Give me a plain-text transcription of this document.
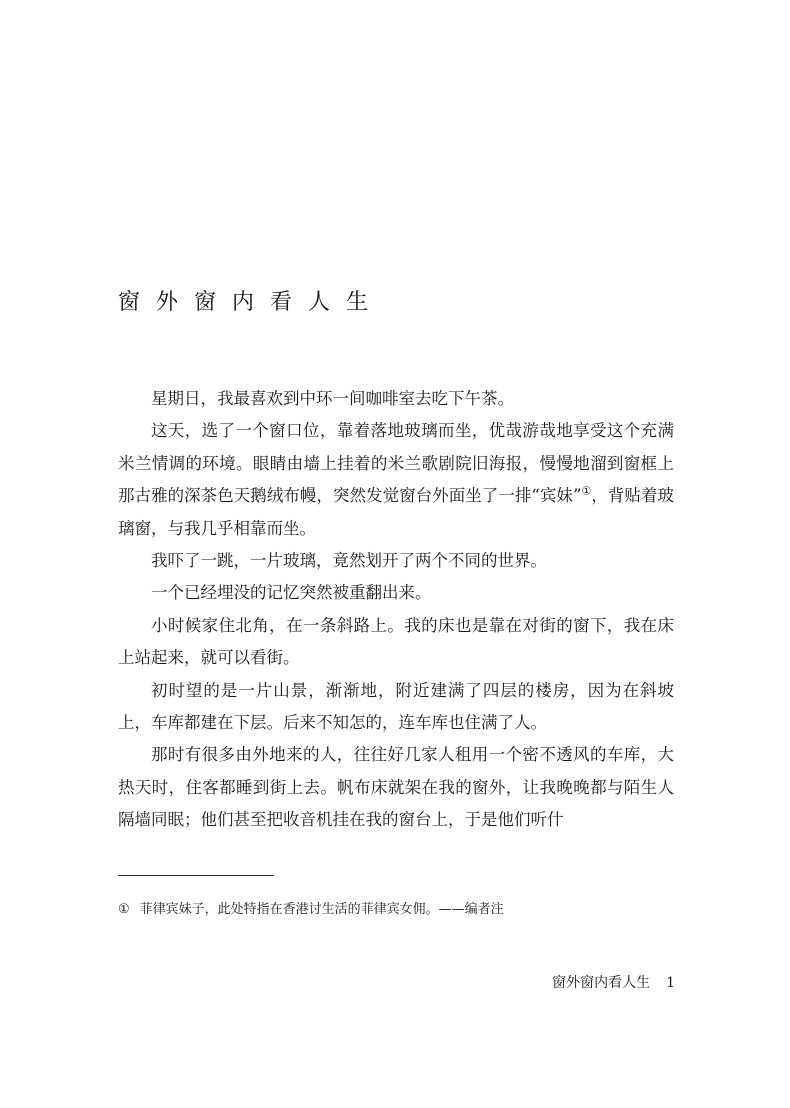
窗外窗内看人生

星期日，我最喜欢到中环一间咖啡室去吃下午茶。

这天，选了一个窗口位，靠着落地玻璃而坐，优哉游哉地享受这个充满米兰情调的环境。眼睛由墙上挂着的米兰歌剧院旧海报，慢慢地溜到窗框上那古雅的深茶色天鹅绒布幔，突然发觉窗台外面坐了一排“宾妹”①，背贴着玻璃窗，与我几乎相靠而坐。

我吓了一跳，一片玻璃，竟然划开了两个不同的世界。

一个已经埋没的记忆突然被重翻出来。

小时候家住北角，在一条斜路上。我的床也是靠在对街的窗下，我在床上站起来，就可以看街。

初时望的是一片山景，渐渐地，附近建满了四层的楼房，因为在斜坡上，车库都建在下层。后来不知怎的，连车库也住满了人。

那时有很多由外地来的人，往往好几家人租用一个密不透风的车库，大热天时，住客都睡到街上去。帆布床就架在我的窗外，让我晚晚都与陌生人隔墙同眠；他们甚至把收音机挂在我的窗台上，于是他们听什

① 菲律宾妹子，此处特指在香港讨生活的菲律宾女佣。——编者注
窗外窗内看人生 1
